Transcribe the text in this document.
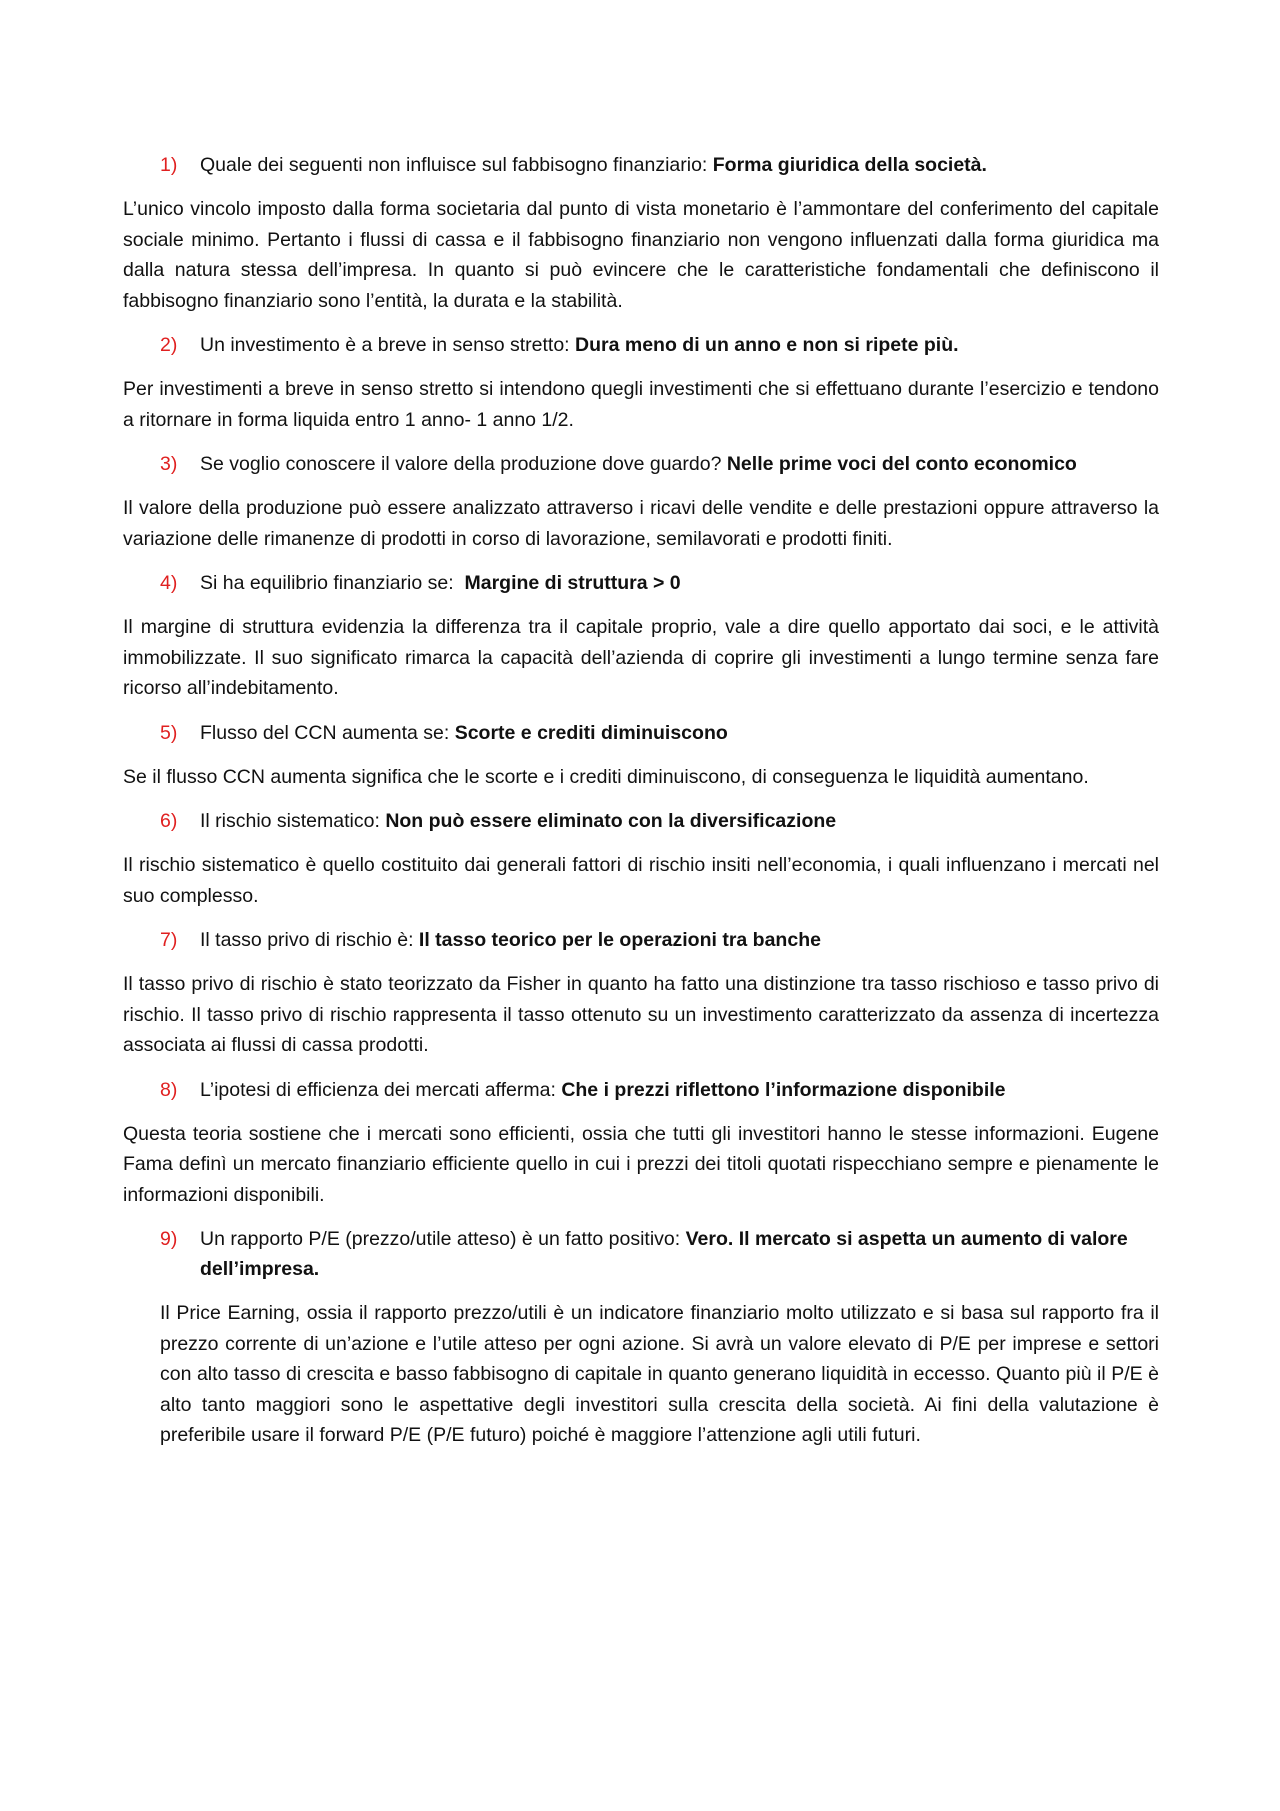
1)	Quale dei seguenti non influisce sul fabbisogno finanziario: Forma giuridica della società.

L’unico vincolo imposto dalla forma societaria dal punto di vista monetario è l’ammontare del conferimento del capitale sociale minimo. Pertanto i flussi di cassa e il fabbisogno finanziario non vengono influenzati dalla forma giuridica ma dalla natura stessa dell’impresa. In quanto si può evincere che le caratteristiche fondamentali che definiscono il fabbisogno finanziario sono l’entità, la durata e la stabilità.

2)	Un investimento è a breve in senso stretto: Dura meno di un anno e non si ripete più.

Per investimenti a breve in senso stretto si intendono quegli investimenti che si effettuano durante l’esercizio e tendono a ritornare in forma liquida entro 1 anno- 1 anno 1/2.

3)	Se voglio conoscere il valore della produzione dove guardo? Nelle prime voci del conto economico

Il valore della produzione può essere analizzato attraverso i ricavi delle vendite e delle prestazioni oppure attraverso la variazione delle rimanenze di prodotti in corso di lavorazione, semilavorati e prodotti finiti.

4)	Si ha equilibrio finanziario se:  Margine di struttura > 0

Il margine di struttura evidenzia la differenza tra il capitale proprio, vale a dire quello apportato dai soci, e le attività immobilizzate. Il suo significato rimarca la capacità dell’azienda di coprire gli investimenti a lungo termine senza fare ricorso all’indebitamento.

5)	Flusso del CCN aumenta se: Scorte e crediti diminuiscono

Se il flusso CCN aumenta significa che le scorte e i crediti diminuiscono, di conseguenza le liquidità aumentano.

6)	Il rischio sistematico: Non può essere eliminato con la diversificazione

Il rischio sistematico è quello costituito dai generali fattori di rischio insiti nell’economia, i quali influenzano i mercati nel suo complesso.

7)	Il tasso privo di rischio è: Il tasso teorico per le operazioni tra banche

Il tasso privo di rischio è stato teorizzato da Fisher in quanto ha fatto una distinzione tra tasso rischioso e tasso privo di rischio. Il tasso privo di rischio rappresenta il tasso ottenuto su un investimento caratterizzato da assenza di incertezza associata ai flussi di cassa prodotti.

8)	L’ipotesi di efficienza dei mercati afferma: Che i prezzi riflettono l’informazione disponibile

Questa teoria sostiene che i mercati sono efficienti, ossia che tutti gli investitori hanno le stesse informazioni. Eugene Fama definì un mercato finanziario efficiente quello in cui i prezzi dei titoli quotati rispecchiano sempre e pienamente le informazioni disponibili.

9)	Un rapporto P/E (prezzo/utile atteso) è un fatto positivo: Vero. Il mercato si aspetta un aumento di valore dell’impresa.

Il Price Earning, ossia il rapporto prezzo/utili è un indicatore finanziario molto utilizzato e si basa sul rapporto fra il prezzo corrente di un’azione e l’utile atteso per ogni azione. Si avrà un valore elevato di P/E per imprese e settori con alto tasso di crescita e basso fabbisogno di capitale in quanto generano liquidità in eccesso. Quanto più il P/E è alto tanto maggiori sono le aspettative degli investitori sulla crescita della società. Ai fini della valutazione è preferibile usare il forward P/E (P/E futuro) poiché è maggiore l’attenzione agli utili futuri.
